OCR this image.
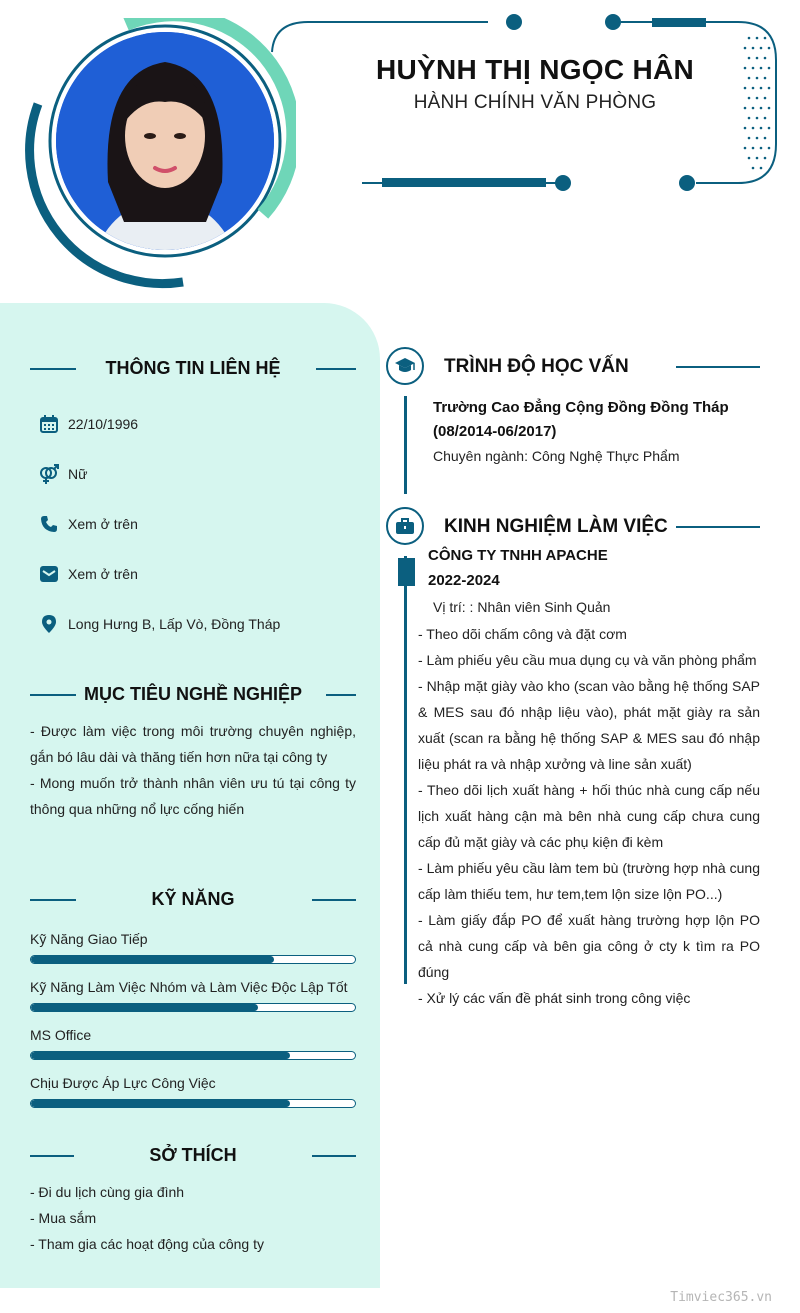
HUỲNH THỊ NGỌC HÂN
HÀNH CHÍNH VĂN PHÒNG
THÔNG TIN LIÊN HỆ
22/10/1996
Nữ
Xem ở trên
Xem ở trên
Long Hưng B, Lấp Vò, Đồng Tháp
MỤC TIÊU NGHỀ NGHIỆP
- Được làm việc trong môi trường chuyên nghiệp, gắn bó lâu dài và thăng tiến hơn nữa tại công ty
- Mong muốn trở thành nhân viên ưu tú tại công ty thông qua những nổ lực cống hiến
KỸ NĂNG
Kỹ Năng Giao Tiếp
Kỹ Năng Làm Việc Nhóm và Làm Việc Độc Lập Tốt
MS Office
Chịu Được Áp Lực Công Việc
SỞ THÍCH
- Đi du lịch cùng gia đình
- Mua sắm
- Tham gia các hoạt động của công ty
TRÌNH ĐỘ HỌC VẤN
Trường Cao Đẳng Cộng Đồng Đồng Tháp
(08/2014-06/2017)
Chuyên ngành: Công Nghệ Thực Phẩm
KINH NGHIỆM LÀM VIỆC
CÔNG TY TNHH APACHE
2022-2024
Vị trí: : Nhân viên Sinh Quản
- Theo dõi chấm công và đặt cơm
- Làm phiếu yêu cầu mua dụng cụ và văn phòng phẩm
- Nhập mặt giày vào kho (scan vào bằng hệ thống SAP & MES sau đó nhập liệu vào), phát mặt giày ra sản xuất (scan ra bằng hệ thống SAP & MES sau đó nhập liệu phát ra và nhập xưởng và line sản xuất)
- Theo dõi lịch xuất hàng + hối thúc nhà cung cấp nếu lịch xuất hàng cận mà bên nhà cung cấp chưa cung cấp đủ mặt giày và các phụ kiện đi kèm
- Làm phiếu yêu cầu làm tem bù (trường hợp nhà cung cấp làm thiếu tem, hư tem,tem lộn size lộn PO...)
- Làm giấy đắp PO để xuất hàng trường hợp lộn PO cả nhà cung cấp và bên gia công ở cty k tìm ra PO đúng
- Xử lý các vấn đề phát sinh trong công việc
Timviec365.vn
